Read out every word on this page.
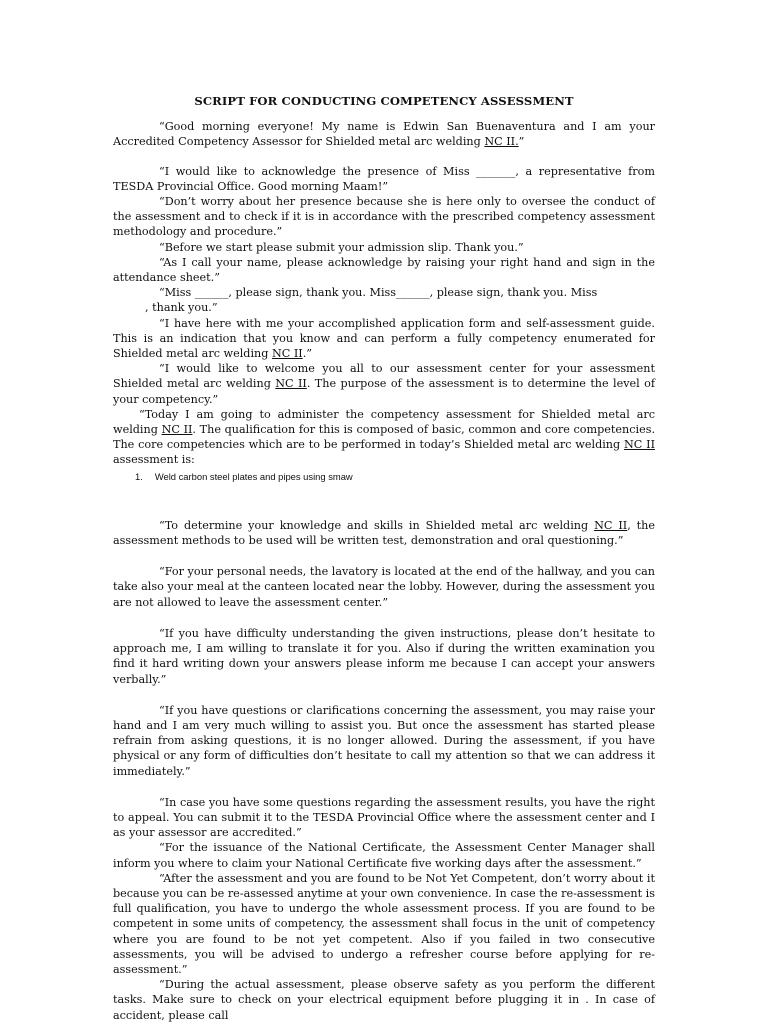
SCRIPT FOR CONDUCTING COMPETENCY ASSESSMENT

“Good morning everyone! My name is Edwin San Buenaventura and I am your Accredited Competency Assessor for Shielded metal arc welding NC II.”

“I would like to acknowledge the presence of Miss _______, a representative from TESDA Provincial Office. Good morning Maam!”

“Don’t worry about her presence because she is here only to oversee the conduct of the assessment and to check if it is in accordance with the prescribed competency assessment methodology and procedure.”

“Before we start please submit your admission slip. Thank you.”

“As I call your name, please acknowledge by raising your right hand and sign in the attendance sheet.”

“Miss ______, please sign, thank you. Miss______, please sign, thank you. Miss
, thank you.”

“I have here with me your accomplished application form and self-assessment guide. This is an indication that you know and can perform a fully competency enumerated for Shielded metal arc welding NC II.”

“I would like to welcome you all to our assessment center for your assessment Shielded metal arc welding NC II. The purpose of the assessment is to determine the level of your competency.”

“Today I am going to administer the competency assessment for Shielded metal arc welding NC II. The qualification for this is composed of basic, common and core competencies. The core competencies which are to be performed in today’s Shielded metal arc welding NC II assessment is:

1. Weld carbon steel plates and pipes using smaw

“To determine your knowledge and skills in Shielded metal arc welding NC II, the assessment methods to be used will be written test, demonstration and oral questioning.”

“For your personal needs, the lavatory is located at the end of the hallway, and you can take also your meal at the canteen located near the lobby. However, during the assessment you are not allowed to leave the assessment center.”

“If you have difficulty understanding the given instructions, please don’t hesitate to approach me, I am willing to translate it for you. Also if during the written examination you find it hard writing down your answers please inform me because I can accept your answers verbally.”

“If you have questions or clarifications concerning the assessment, you may raise your hand and I am very much willing to assist you. But once the assessment has started please refrain from asking questions, it is no longer allowed. During the assessment, if you have physical or any form of difficulties don’t hesitate to call my attention so that we can address it immediately.”

“In case you have some questions regarding the assessment results, you have the right to appeal. You can submit it to the TESDA Provincial Office where the assessment center and I as your assessor are accredited.”

“For the issuance of the National Certificate, the Assessment Center Manager shall inform you where to claim your National Certificate five working days after the assessment.”

“After the assessment and you are found to be Not Yet Competent, don’t worry about it because you can be re-assessed anytime at your own convenience. In case the re-assessment is full qualification, you have to undergo the whole assessment process. If you are found to be competent in some units of competency, the assessment shall focus in the unit of competency where you are found to be not yet competent. Also if you failed in two consecutive assessments, you will be advised to undergo a refresher course before applying for re-assessment.”

“During the actual assessment, please observe safety as you perform the different tasks. Make sure to check on your electrical equipment before plugging it in . In case of accident, please call
